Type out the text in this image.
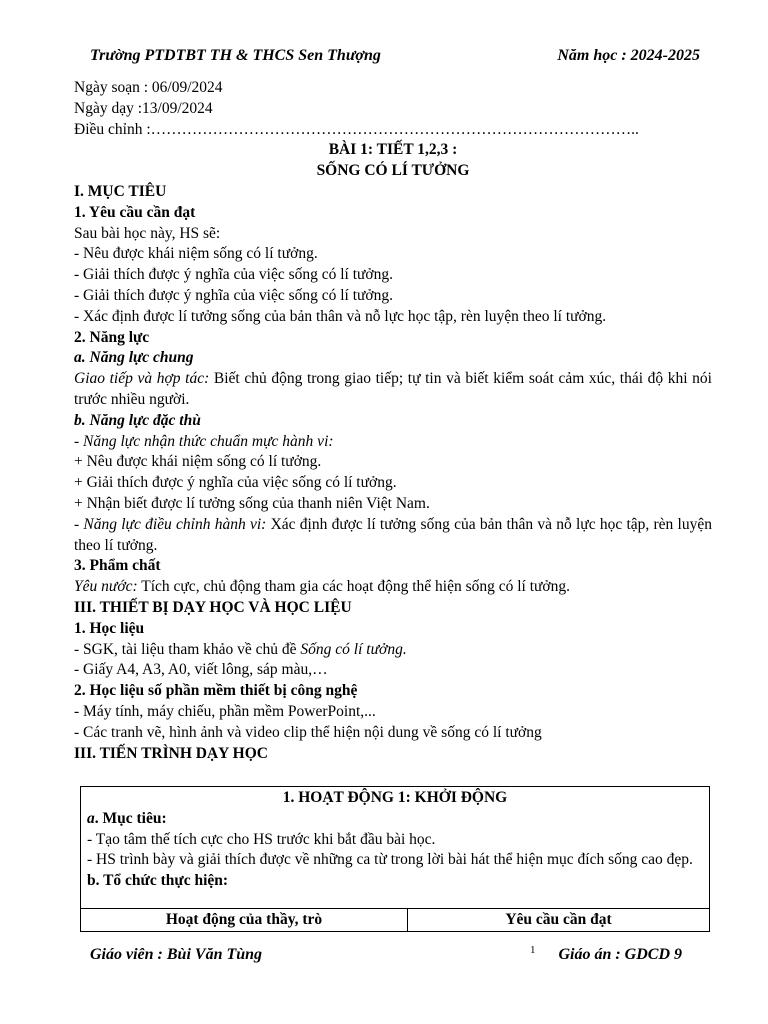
Trường PTDTBT TH & THCS Sen Thượng	Năm học : 2024-2025
Ngày soạn : 06/09/2024
Ngày dạy :13/09/2024
Điều chỉnh :…………………………………………………………………………………..
BÀI 1: TIẾT 1,2,3 :
SỐNG CÓ LÍ TƯỞNG
I. MỤC TIÊU
1. Yêu cầu cần đạt
Sau bài học này, HS sẽ:
- Nêu được khái niệm sống có lí tưởng.
- Giải thích được ý nghĩa của việc sống có lí tưởng.
- Giải thích được ý nghĩa của việc sống có lí tưởng.
- Xác định được lí tưởng sống của bản thân và nỗ lực học tập, rèn luyện theo lí tưởng.
2. Năng lực
a. Năng lực chung
Giao tiếp và hợp tác: Biết chủ động trong giao tiếp; tự tin và biết kiểm soát cảm xúc, thái độ khi nói trước nhiều người.
b. Năng lực đặc thù
- Năng lực nhận thức chuẩn mực hành vi:
+ Nêu được khái niệm sống có lí tưởng.
+ Giải thích được ý nghĩa của việc sống có lí tưởng.
+ Nhận biết được lí tưởng sống của thanh niên Việt Nam.
- Năng lực điều chỉnh hành vi: Xác định được lí tưởng sống của bản thân và nỗ lực học tập, rèn luyện theo lí tưởng.
3. Phẩm chất
Yêu nước: Tích cực, chủ động tham gia các hoạt động thể hiện sống có lí tưởng.
III. THIẾT BỊ DẠY HỌC VÀ HỌC LIỆU
1. Học liệu
- SGK, tài liệu tham khảo về chủ đề Sống có lí tưởng.
- Giấy A4, A3, A0, viết lông, sáp màu,…
2. Học liệu số phần mềm thiết bị công nghệ
- Máy tính, máy chiếu, phần mềm PowerPoint,...
- Các tranh vẽ, hình ảnh và video clip thể hiện nội dung về sống có lí tưởng
III. TIẾN TRÌNH DẠY HỌC
1. HOẠT ĐỘNG 1: KHỞI ĐỘNG
a. Mục tiêu:
- Tạo tâm thế tích cực cho HS trước khi bắt đầu bài học.
- HS trình bày và giải thích được về những ca từ trong lời bài hát thể hiện mục đích sống cao đẹp.
b. Tổ chức thực hiện:
Hoạt động của thầy, trò	Yêu cầu cần đạt
Giáo viên : Bùi Văn Tùng	1 Giáo án : GDCD 9
